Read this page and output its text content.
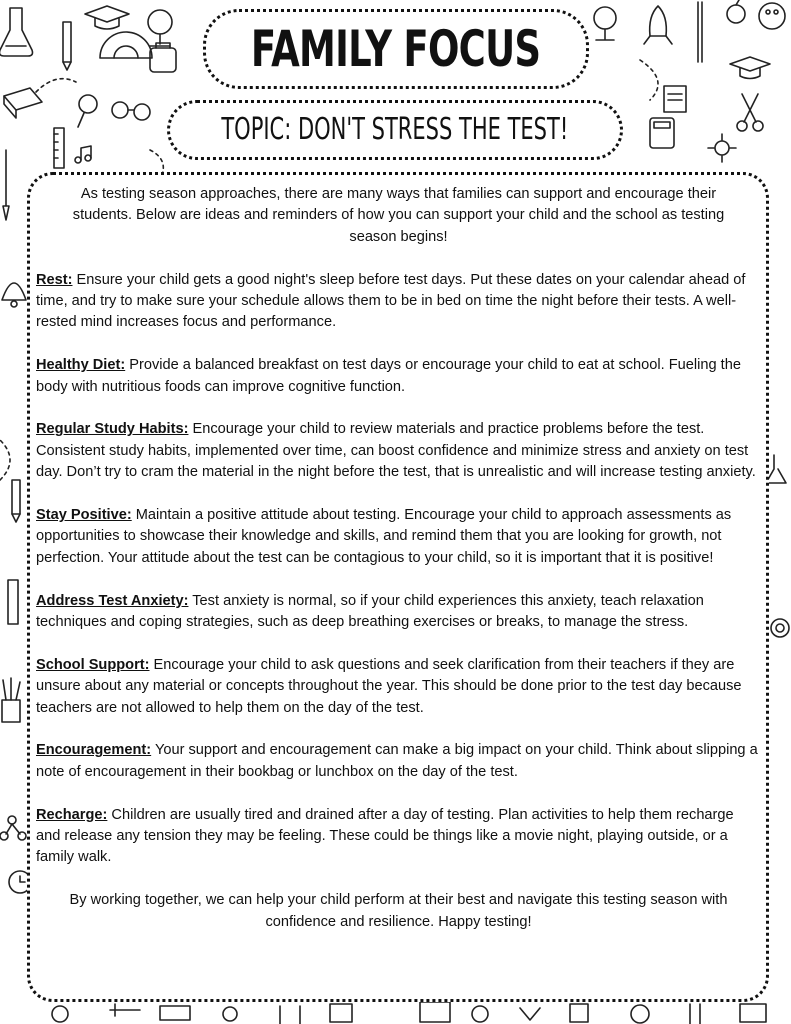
FAMILY FOCUS
TOPIC: DON'T STRESS THE TEST!

As testing season approaches, there are many ways that families can support and encourage their students. Below are ideas and reminders of how you can support your child and the school as testing season begins!

Rest: Ensure your child gets a good night's sleep before test days. Put these dates on your calendar ahead of time, and try to make sure your schedule allows them to be in bed on time the night before their tests. A well-rested mind increases focus and performance.
Healthy Diet: Provide a balanced breakfast on test days or encourage your child to eat at school. Fueling the body with nutritious foods can improve cognitive function.
Regular Study Habits: Encourage your child to review materials and practice problems before the test. Consistent study habits, implemented over time, can boost confidence and minimize stress and anxiety on test day. Don’t try to cram the material in the night before the test, that is unrealistic and will increase testing anxiety.
Stay Positive: Maintain a positive attitude about testing. Encourage your child to approach assessments as opportunities to showcase their knowledge and skills, and remind them that you are looking for growth, not perfection. Your attitude about the test can be contagious to your child, so it is important that it is positive!
Address Test Anxiety: Test anxiety is normal, so if your child experiences this anxiety, teach relaxation techniques and coping strategies, such as deep breathing exercises or breaks, to manage the stress.
School Support: Encourage your child to ask questions and seek clarification from their teachers if they are unsure about any material or concepts throughout the year. This should be done prior to the test day because teachers are not allowed to help them on the day of the test.
Encouragement: Your support and encouragement can make a big impact on your child. Think about slipping a note of encouragement in their bookbag or lunchbox on the day of the test.
Recharge: Children are usually tired and drained after a day of testing. Plan activities to help them recharge and release any tension they may be feeling. These could be things like a movie night, playing outside, or a family walk.

By working together, we can help your child perform at their best and navigate this testing season with confidence and resilience. Happy testing!
